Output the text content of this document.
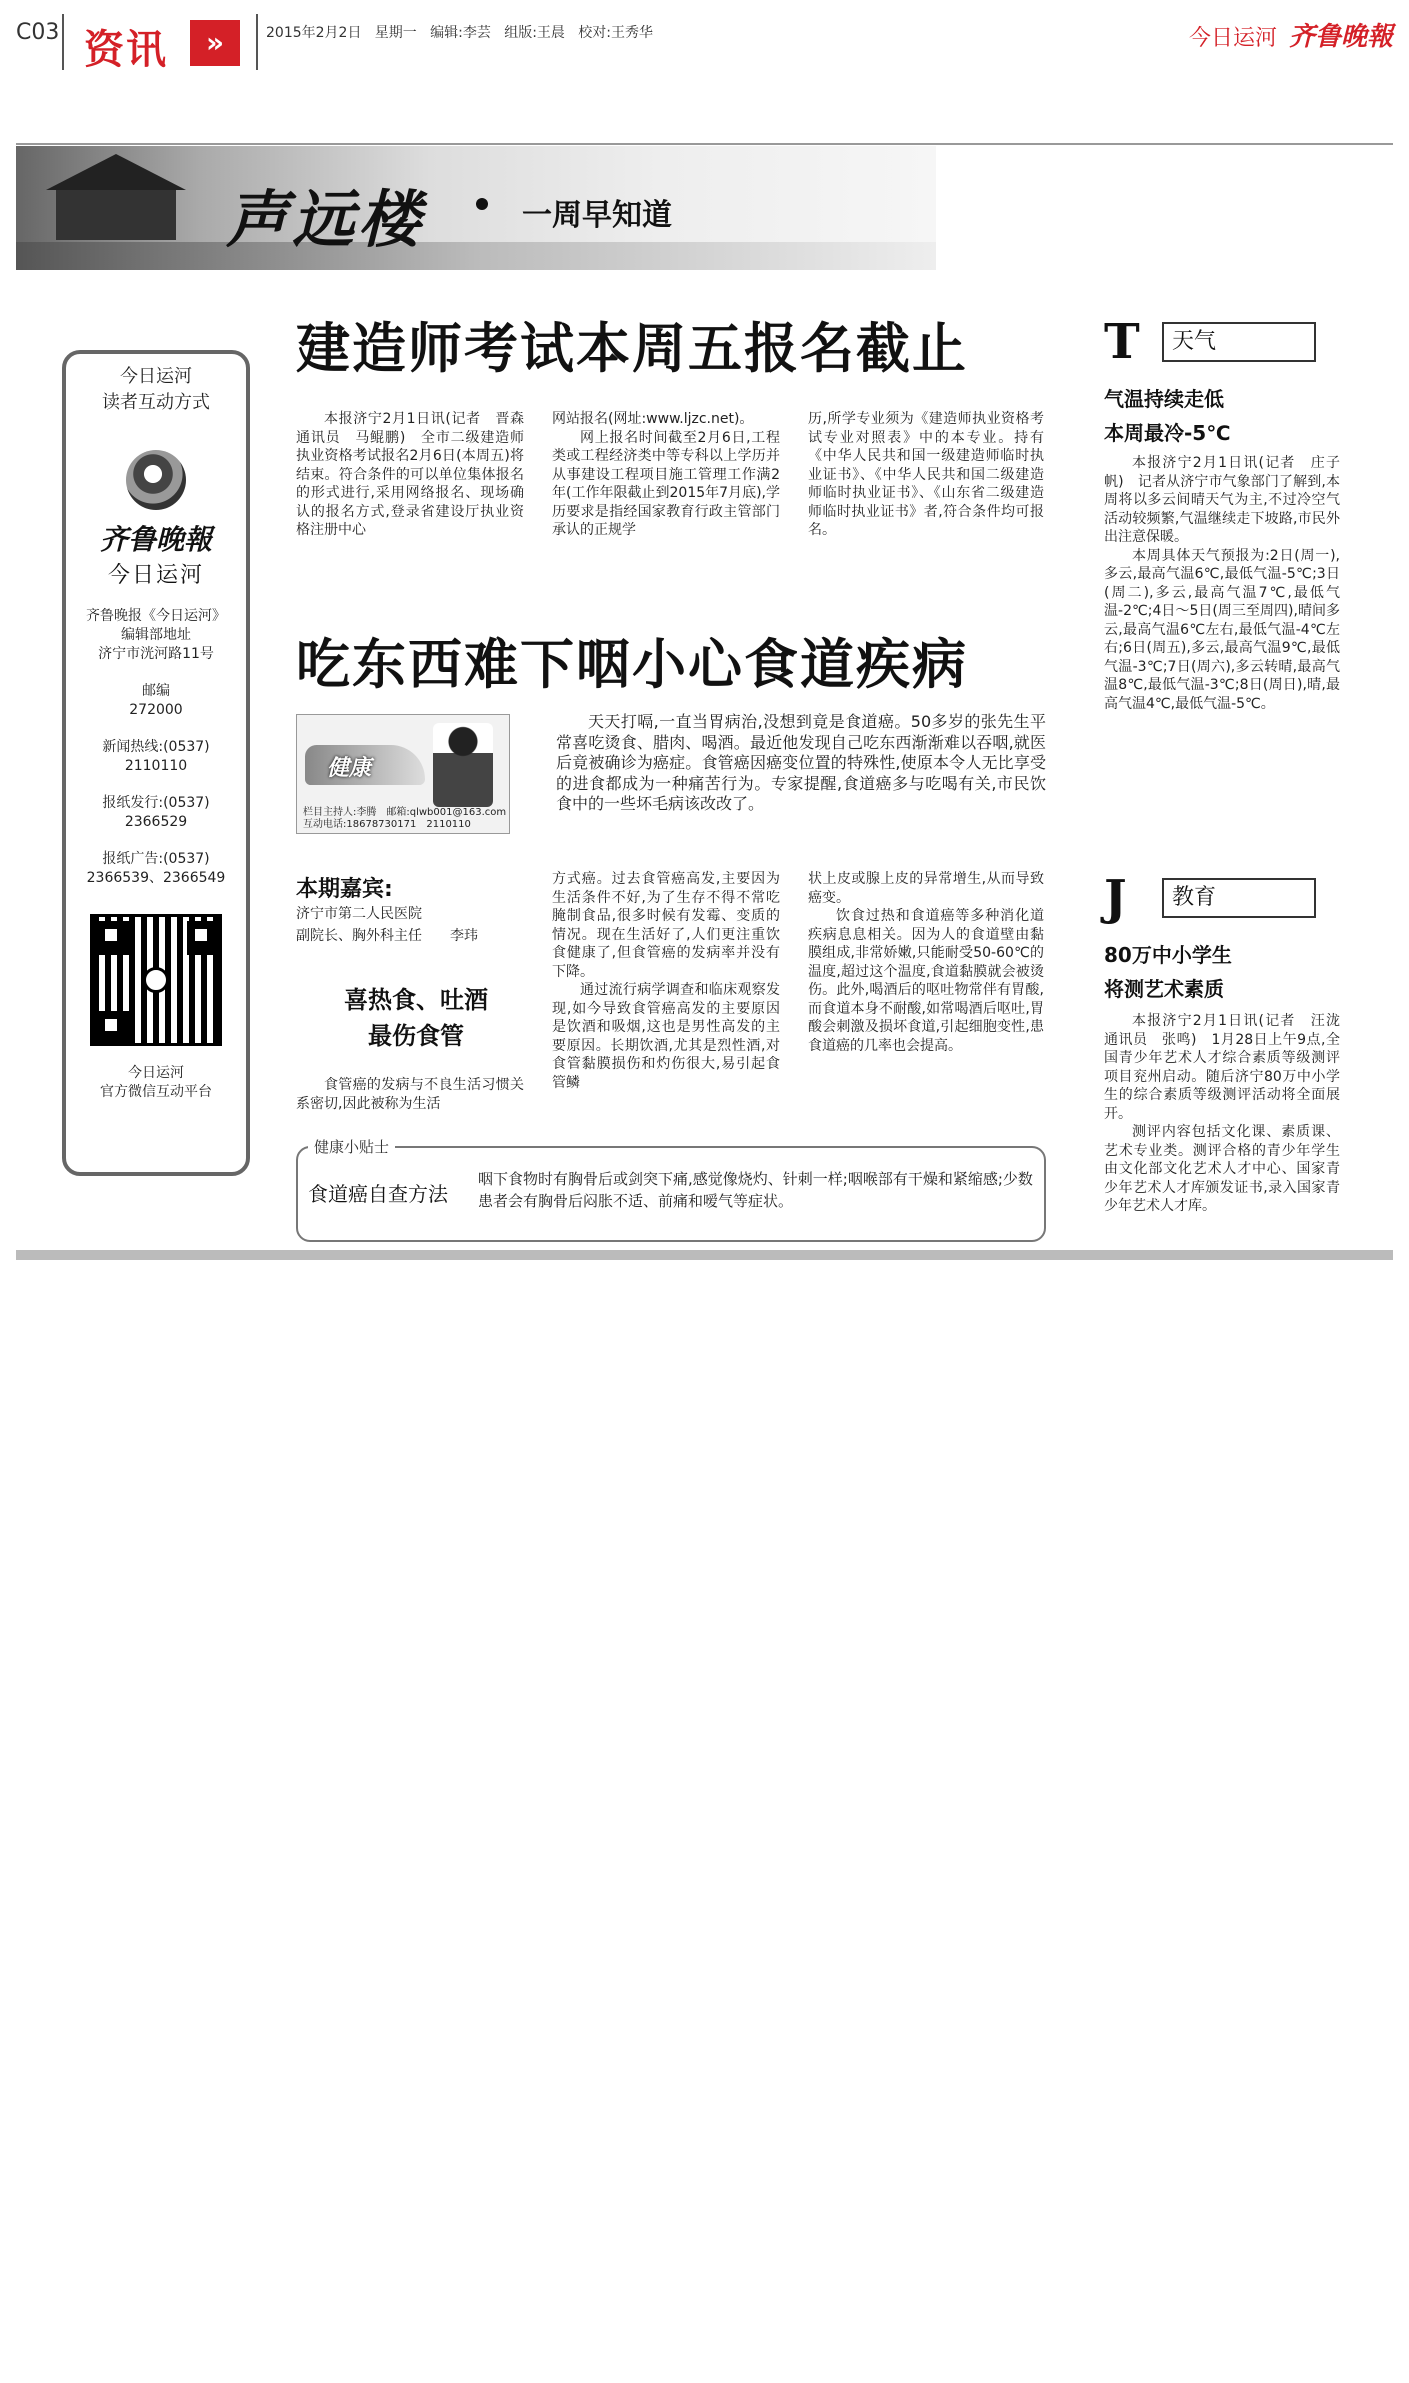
C03 资讯	»	2015年2月2日   星期一   编辑:李芸   组版:王晨   校对:王秀华	今日运河 齐鲁晚報
声远楼	一周早知道
今日运河
读者互动方式
齐鲁晚報
今日运河
齐鲁晚报《今日运河》
编辑部地址
济宁市洸河路11号
邮编
272000
新闻热线:(0537)
2110110
报纸发行:(0537)
2366529
报纸广告:(0537)
2366539、2366549
今日运河
官方微信互动平台
建造师考试本周五报名截止

本报济宁2月1日讯(记者　晋森　通讯员　马鲲鹏)　全市二级建造师执业资格考试报名2月6日(本周五)将结束。符合条件的可以单位集体报名的形式进行,采用网络报名、现场确认的报名方式,登录省建设厅执业资格注册中心

网站报名(网址:www.ljzc.net)。

网上报名时间截至2月6日,工程类或工程经济类中等专科以上学历并从事建设工程项目施工管理工作满2年(工作年限截止到2015年7月底),学历要求是指经国家教育行政主管部门承认的正规学

历,所学专业须为《建造师执业资格考试专业对照表》中的本专业。持有《中华人民共和国一级建造师临时执业证书》、《中华人民共和国二级建造师临时执业证书》、《山东省二级建造师临时执业证书》者,符合条件均可报名。

吃东西难下咽小心食道疾病
健康
栏目主持人:李腾　邮箱:qlwb001@163.com
互动电话:18678730171　2110110

天天打嗝,一直当胃病治,没想到竟是食道癌。50多岁的张先生平常喜吃烫食、腊肉、喝酒。最近他发现自己吃东西渐渐难以吞咽,就医后竟被确诊为癌症。食管癌因癌变位置的特殊性,使原本令人无比享受的进食都成为一种痛苦行为。专家提醒,食道癌多与吃喝有关,市民饮食中的一些坏毛病该改改了。

本期嘉宾:
济宁市第二人民医院
副院长、胸外科主任　　李玮
喜热食、吐酒
最伤食管

食管癌的发病与不良生活习惯关系密切,因此被称为生活

方式癌。过去食管癌高发,主要因为生活条件不好,为了生存不得不常吃腌制食品,很多时候有发霉、变质的情况。现在生活好了,人们更注重饮食健康了,但食管癌的发病率并没有下降。

通过流行病学调查和临床观察发现,如今导致食管癌高发的主要原因是饮酒和吸烟,这也是男性高发的主要原因。长期饮酒,尤其是烈性酒,对食管黏膜损伤和灼伤很大,易引起食管鳞

状上皮或腺上皮的异常增生,从而导致癌变。

饮食过热和食道癌等多种消化道疾病息息相关。因为人的食道壁由黏膜组成,非常娇嫩,只能耐受50-60℃的温度,超过这个温度,食道黏膜就会被烫伤。此外,喝酒后的呕吐物常伴有胃酸,而食道本身不耐酸,如常喝酒后呕吐,胃酸会刺激及损坏食道,引起细胞变性,患食道癌的几率也会提高。

健康小贴士
食道癌自查方法
咽下食物时有胸骨后或剑突下痛,感觉像烧灼、针刺一样;咽喉部有干燥和紧缩感;少数患者会有胸骨后闷胀不适、前痛和嗳气等症状。
T	天气
气温持续走低
本周最冷-5℃

本报济宁2月1日讯(记者　庄子帆)　记者从济宁市气象部门了解到,本周将以多云间晴天气为主,不过冷空气活动较频繁,气温继续走下坡路,市民外出注意保暖。

本周具体天气预报为:2日(周一),多云,最高气温6℃,最低气温-5℃;3日(周二),多云,最高气温7℃,最低气温-2℃;4日～5日(周三至周四),晴间多云,最高气温6℃左右,最低气温-4℃左右;6日(周五),多云,最高气温9℃,最低气温-3℃;7日(周六),多云转晴,最高气温8℃,最低气温-3℃;8日(周日),晴,最高气温4℃,最低气温-5℃。

J	教育
80万中小学生
将测艺术素质

本报济宁2月1日讯(记者　汪泷　通讯员　张鸣)　1月28日上午9点,全国青少年艺术人才综合素质等级测评项目兖州启动。随后济宁80万中小学生的综合素质等级测评活动将全面展开。

测评内容包括文化课、素质课、艺术专业类。测评合格的青少年学生由文化部文化艺术人才中心、国家青少年艺术人才库颁发证书,录入国家青少年艺术人才库。
